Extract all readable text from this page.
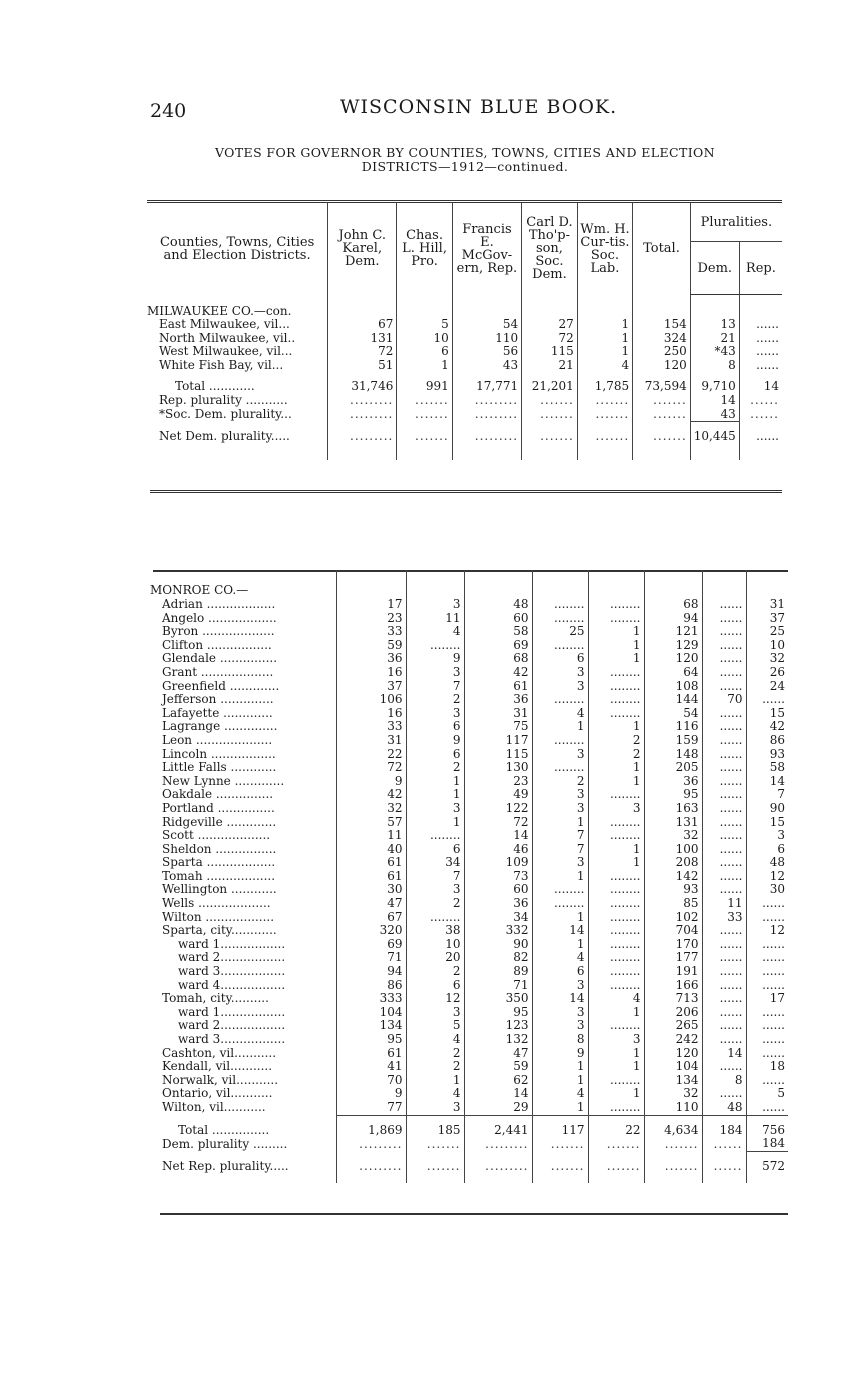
240	WISCONSIN BLUE BOOK.
VOTES FOR GOVERNOR BY COUNTIES, TOWNS, CITIES AND ELECTION
DISTRICTS—1912—continued.
Counties, Towns, Cities and Election Districts.	John C. Karel, Dem.	Chas. L. Hill, Pro.	Francis E. McGov-ern, Rep.	Carl D. Tho'p-son, Soc. Dem.	Wm. H. Cur-tis. Soc. Lab.	Total.	Pluralities.	
							Dem.	Rep.
MILWAUKEE CO.—con.								
East Milwaukee, vil...	67	5	54	27	1	154	13	......
North Milwaukee, vil..	131	10	110	72	1	324	21	......
West Milwaukee, vil...	72	6	56	115	1	250	*43	......
White Fish Bay, vil...	51	1	43	21	4	120	8	......
Total ............	31,746	991	17,771	21,201	1,785	73,594	9,710	14
Rep. plurality ...........	.........	.......	.........	.......	.......	.......	14	......
*Soc. Dem. plurality...	.........	.......	.........	.......	.......	.......	43	......
Net Dem. plurality.....	.........	.......	.........	.......	.......	.......	10,445	......

MONROE CO.—								
Adrian ..................	17	3	48	........	........	68	......	31
Angelo ..................	23	11	60	........	........	94	......	37
Byron ...................	33	4	58	25	1	121	......	25
Clifton .................	59	........	69	........	1	129	......	10
Glendale ...............	36	9	68	6	1	120	......	32
Grant ...................	16	3	42	3	........	64	......	26
Greenfield .............	37	7	61	3	........	108	......	24
Jefferson ..............	106	2	36	........	........	144	70	......
Lafayette .............	16	3	31	4	........	54	......	15
Lagrange ..............	33	6	75	1	1	116	......	42
Leon ....................	31	9	117	........	2	159	......	86
Lincoln .................	22	6	115	3	2	148	......	93
Little Falls ............	72	2	130	........	1	205	......	58
New Lynne .............	9	1	23	2	1	36	......	14
Oakdale ...............	42	1	49	3	........	95	......	7
Portland ...............	32	3	122	3	3	163	......	90
Ridgeville .............	57	1	72	1	........	131	......	15
Scott ...................	11	........	14	7	........	32	......	3
Sheldon ................	40	6	46	7	1	100	......	6
Sparta ..................	61	34	109	3	1	208	......	48
Tomah ..................	61	7	73	1	........	142	......	12
Wellington ............	30	3	60	........	........	93	......	30
Wells ...................	47	2	36	........	........	85	11	......
Wilton ..................	67	........	34	1	........	102	33	......
Sparta, city............	320	38	332	14	........	704	......	12
ward 1.................	69	10	90	1	........	170	......	......
ward 2.................	71	20	82	4	........	177	......	......
ward 3.................	94	2	89	6	........	191	......	......
ward 4.................	86	6	71	3	........	166	......	......
Tomah, city..........	333	12	350	14	4	713	......	17
ward 1.................	104	3	95	3	1	206	......	......
ward 2.................	134	5	123	3	........	265	......	......
ward 3.................	95	4	132	8	3	242	......	......
Cashton, vil...........	61	2	47	9	1	120	14	......
Kendall, vil...........	41	2	59	1	1	104	......	18
Norwalk, vil...........	70	1	62	1	........	134	8	......
Ontario, vil...........	9	4	14	4	1	32	......	5
Wilton, vil...........	77	3	29	1	........	110	48	......
Total ...............	1,869	185	2,441	117	22	4,634	184	756
Dem. plurality .........	.........	.......	.........	.......	.......	.......	......	184
Net Rep. plurality.....	.........	.......	.........	.......	.......	.......	......	572
